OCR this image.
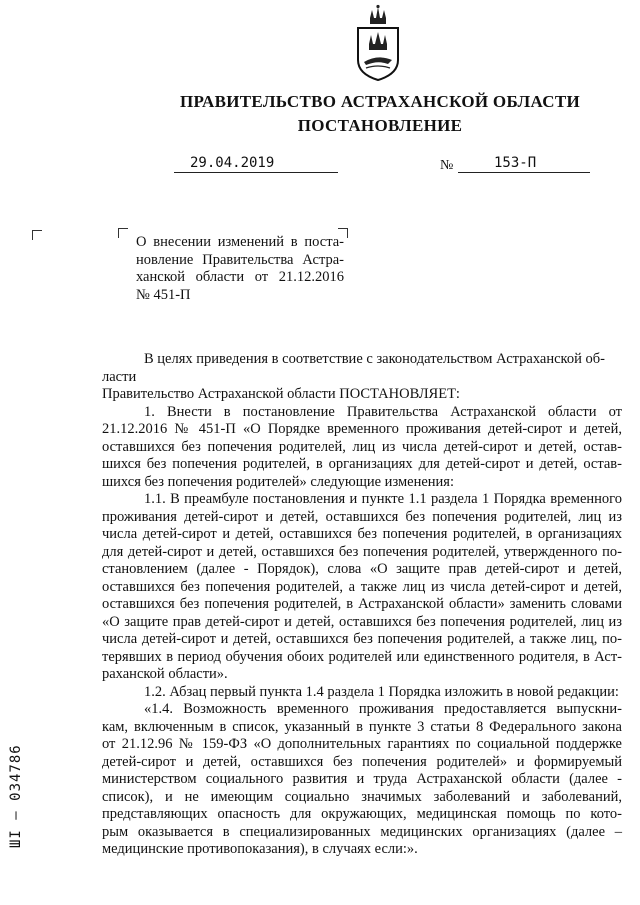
ПРАВИТЕЛЬСТВО АСТРАХАНСКОЙ ОБЛАСТИ
ПОСТАНОВЛЕНИЕ
29.04.2019	№	153-П
О внесении изменений в поста-
новление Правительства Астра-
ханской области от 21.12.2016
№ 451-П
В целях приведения в соответствие с законодательством Астраханской об-
ласти
Правительство Астраханской области ПОСТАНОВЛЯЕТ:
1. Внести в постановление Правительства Астраханской области от
21.12.2016 № 451-П «О Порядке временного проживания детей-сирот и детей,
оставшихся без попечения родителей, лиц из числа детей-сирот и детей, остав-
шихся без попечения родителей, в организациях для детей-сирот и детей, остав-
шихся без попечения родителей» следующие изменения:
1.1. В преамбуле постановления и пункте 1.1 раздела 1 Порядка временного
проживания детей-сирот и детей, оставшихся без попечения родителей, лиц из
числа детей-сирот и детей, оставшихся без попечения родителей, в организациях
для детей-сирот и детей, оставшихся без попечения родителей, утвержденного по-
становлением (далее - Порядок), слова «О защите прав детей-сирот и детей,
оставшихся без попечения родителей, а также лиц из числа детей-сирот и детей,
оставшихся без попечения родителей, в Астраханской области» заменить словами
«О защите прав детей-сирот и детей, оставшихся без попечения родителей, лиц из
числа детей-сирот и детей, оставшихся без попечения родителей, а также лиц, по-
терявших в период обучения обоих родителей или единственного родителя, в Аст-
раханской области».
1.2. Абзац первый пункта 1.4 раздела 1 Порядка изложить в новой редакции:
«1.4. Возможность временного проживания предоставляется выпускни-
кам, включенным в список, указанный в пункте 3 статьи 8 Федерального закона
от 21.12.96 № 159-ФЗ «О дополнительных гарантиях по социальной поддержке
детей-сирот и детей, оставшихся без попечения родителей» и формируемый
министерством социального развития и труда Астраханской области (далее -
список), и не имеющим социально значимых заболеваний и заболеваний,
представляющих опасность для окружающих, медицинская помощь по кото-
рым оказывается в специализированных медицинских организациях (далее –
медицинские противопоказания), в случаях если:».
ШI – 034786
